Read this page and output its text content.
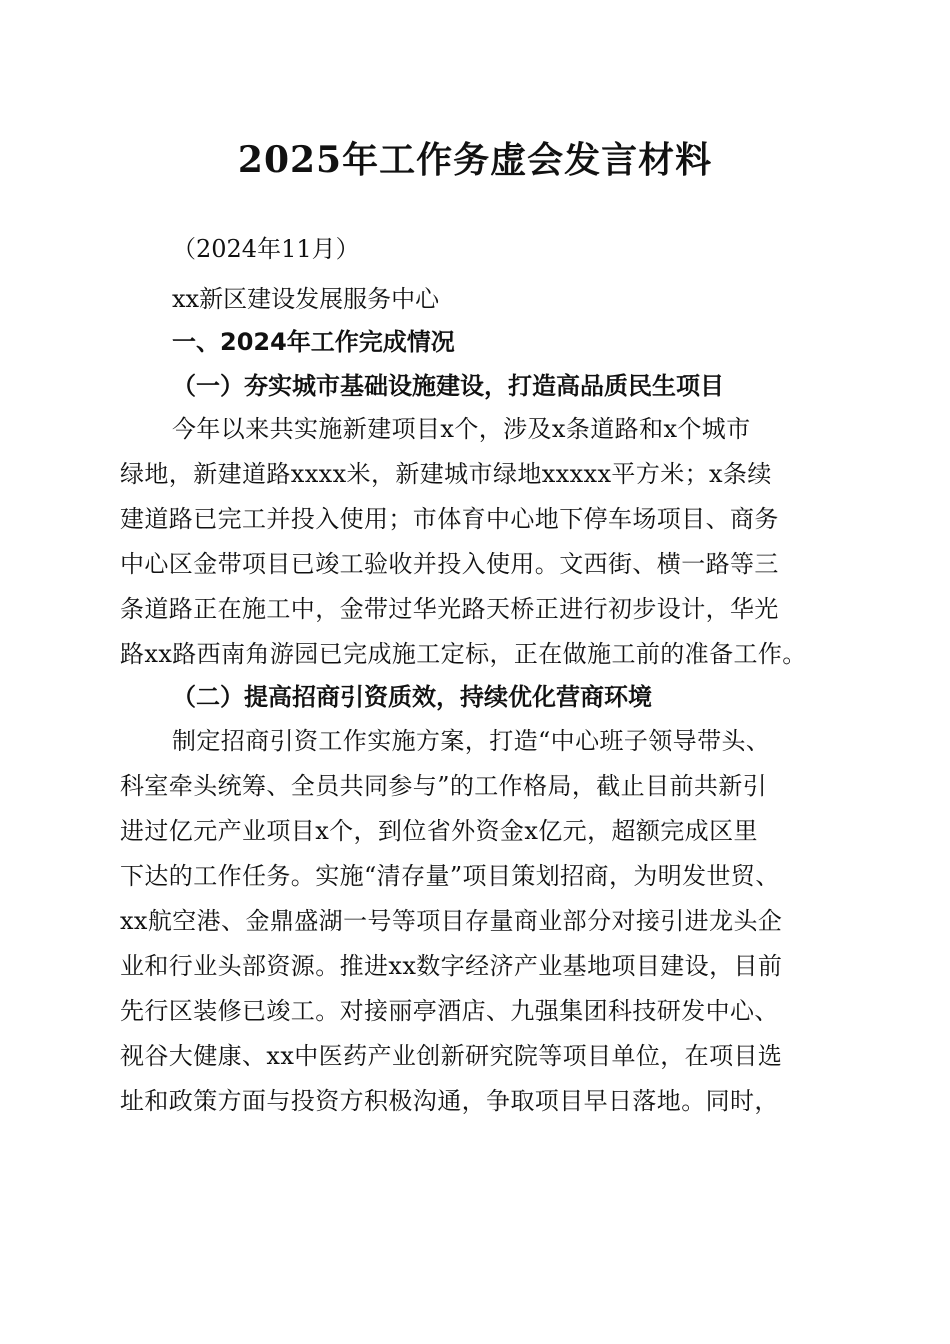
2025年工作务虚会发言材料
（2024年11月）
xx新区建设发展服务中心
一、2024年工作完成情况
（一）夯实城市基础设施建设，打造高品质民生项目
今年以来共实施新建项目x个，涉及x条道路和x个城市
绿地，新建道路xxxx米，新建城市绿地xxxxx平方米；x条续
建道路已完工并投入使用；市体育中心地下停车场项目、商务
中心区金带项目已竣工验收并投入使用。文西街、横一路等三
条道路正在施工中，金带过华光路天桥正进行初步设计，华光
路xx路西南角游园已完成施工定标，正在做施工前的准备工作。
（二）提高招商引资质效，持续优化营商环境
制定招商引资工作实施方案，打造“中心班子领导带头、
科室牵头统筹、全员共同参与”的工作格局，截止目前共新引
进过亿元产业项目x个，到位省外资金x亿元，超额完成区里
下达的工作任务。实施“清存量”项目策划招商，为明发世贸、
xx航空港、金鼎盛湖一号等项目存量商业部分对接引进龙头企
业和行业头部资源。推进xx数字经济产业基地项目建设，目前
先行区装修已竣工。对接丽亭酒店、九强集团科技研发中心、
视谷大健康、xx中医药产业创新研究院等项目单位，在项目选
址和政策方面与投资方积极沟通，争取项目早日落地。同时，
